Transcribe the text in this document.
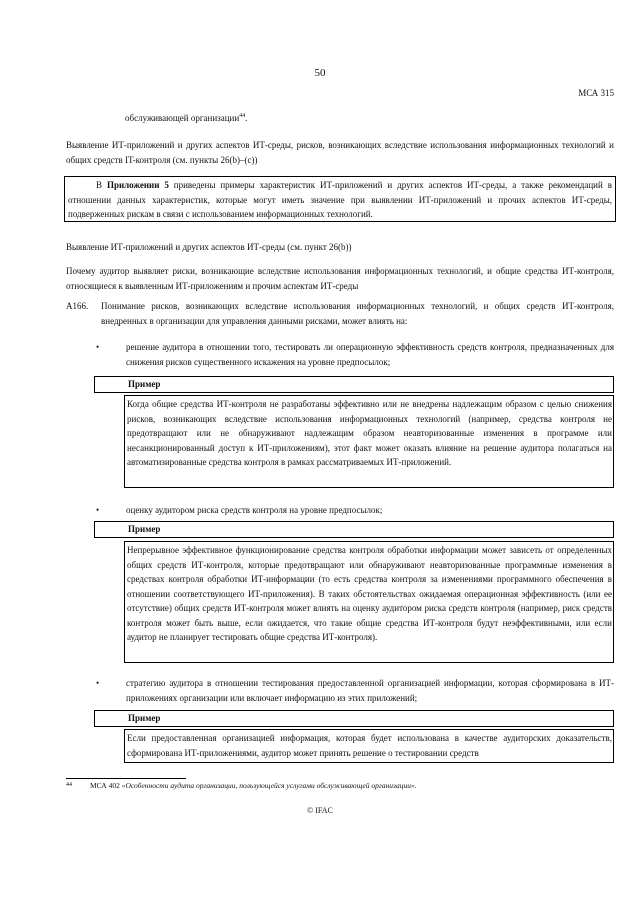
50
МСА 315
обслуживающей организации$^{44}$.
Выявление ИТ-приложений и других аспектов ИТ-среды, рисков, возникающих вследствие использования информационных технологий и общих средств IT-контроля (см. пункты 26(b)–(c))
В Приложении 5 приведены примеры характеристик ИТ-приложений и других аспектов ИТ-среды, а также рекомендаций в отношении данных характеристик, которые могут иметь значение при выявлении ИТ-приложений и прочих аспектов ИТ-среды, подверженных рискам в связи с использованием информационных технологий.
Выявление ИТ-приложений и других аспектов ИТ-среды (см. пункт 26(b))
Почему аудитор выявляет риски, возникающие вследствие использования информационных технологий, и общие средства ИТ-контроля, относящиеся к выявленным ИТ-приложениям и прочим аспектам ИТ-среды
A166.	Понимание рисков, возникающих вследствие использования информационных технологий, и общих средств ИТ-контроля, внедренных в организации для управления данными рисками, может влиять на:
•	решение аудитора в отношении того, тестировать ли операционную эффективность средств контроля, предназначенных для снижения рисков существенного искажения на уровне предпосылок;
Пример
Когда общие средства ИТ-контроля не разработаны эффективно или не внедрены надлежащим образом с целью снижения рисков, возникающих вследствие использования информационных технологий (например, средства контроля не предотвращают или не обнаруживают надлежащим образом неавторизованные изменения в программе или несанкционированный доступ к ИТ-приложениям), этот факт может оказать влияние на решение аудитора полагаться на автоматизированные средства контроля в рамках рассматриваемых ИТ-приложений.
•	оценку аудитором риска средств контроля на уровне предпосылок;
Пример
Непрерывное эффективное функционирование средства контроля обработки информации может зависеть от определенных общих средств ИТ-контроля, которые предотвращают или обнаруживают неавторизованные программные изменения в средствах контроля обработки ИТ-информации (то есть средства контроля за изменениями программного обеспечения в отношении соответствующего ИТ-приложения). В таких обстоятельствах ожидаемая операционная эффективность (или ее отсутствие) общих средств ИТ-контроля может влиять на оценку аудитором риска средств контроля (например, риск средств контроля может быть выше, если ожидается, что такие общие средства ИТ-контроля будут неэффективными, или если аудитор не планирует тестировать общие средства ИТ-контроля).
•	стратегию аудитора в отношении тестирования предоставленной организацией информации, которая сформирована в ИТ-приложениях организации или включает информацию из этих приложений;
Пример
Если предоставленная организацией информация, которая будет использована в качестве аудиторских доказательств, сформирована ИТ-приложениями, аудитор может принять решение о тестировании средств
44 МСА 402 «Особенности аудита организации, пользующейся услугами обслуживающей организации».
© IFAC
